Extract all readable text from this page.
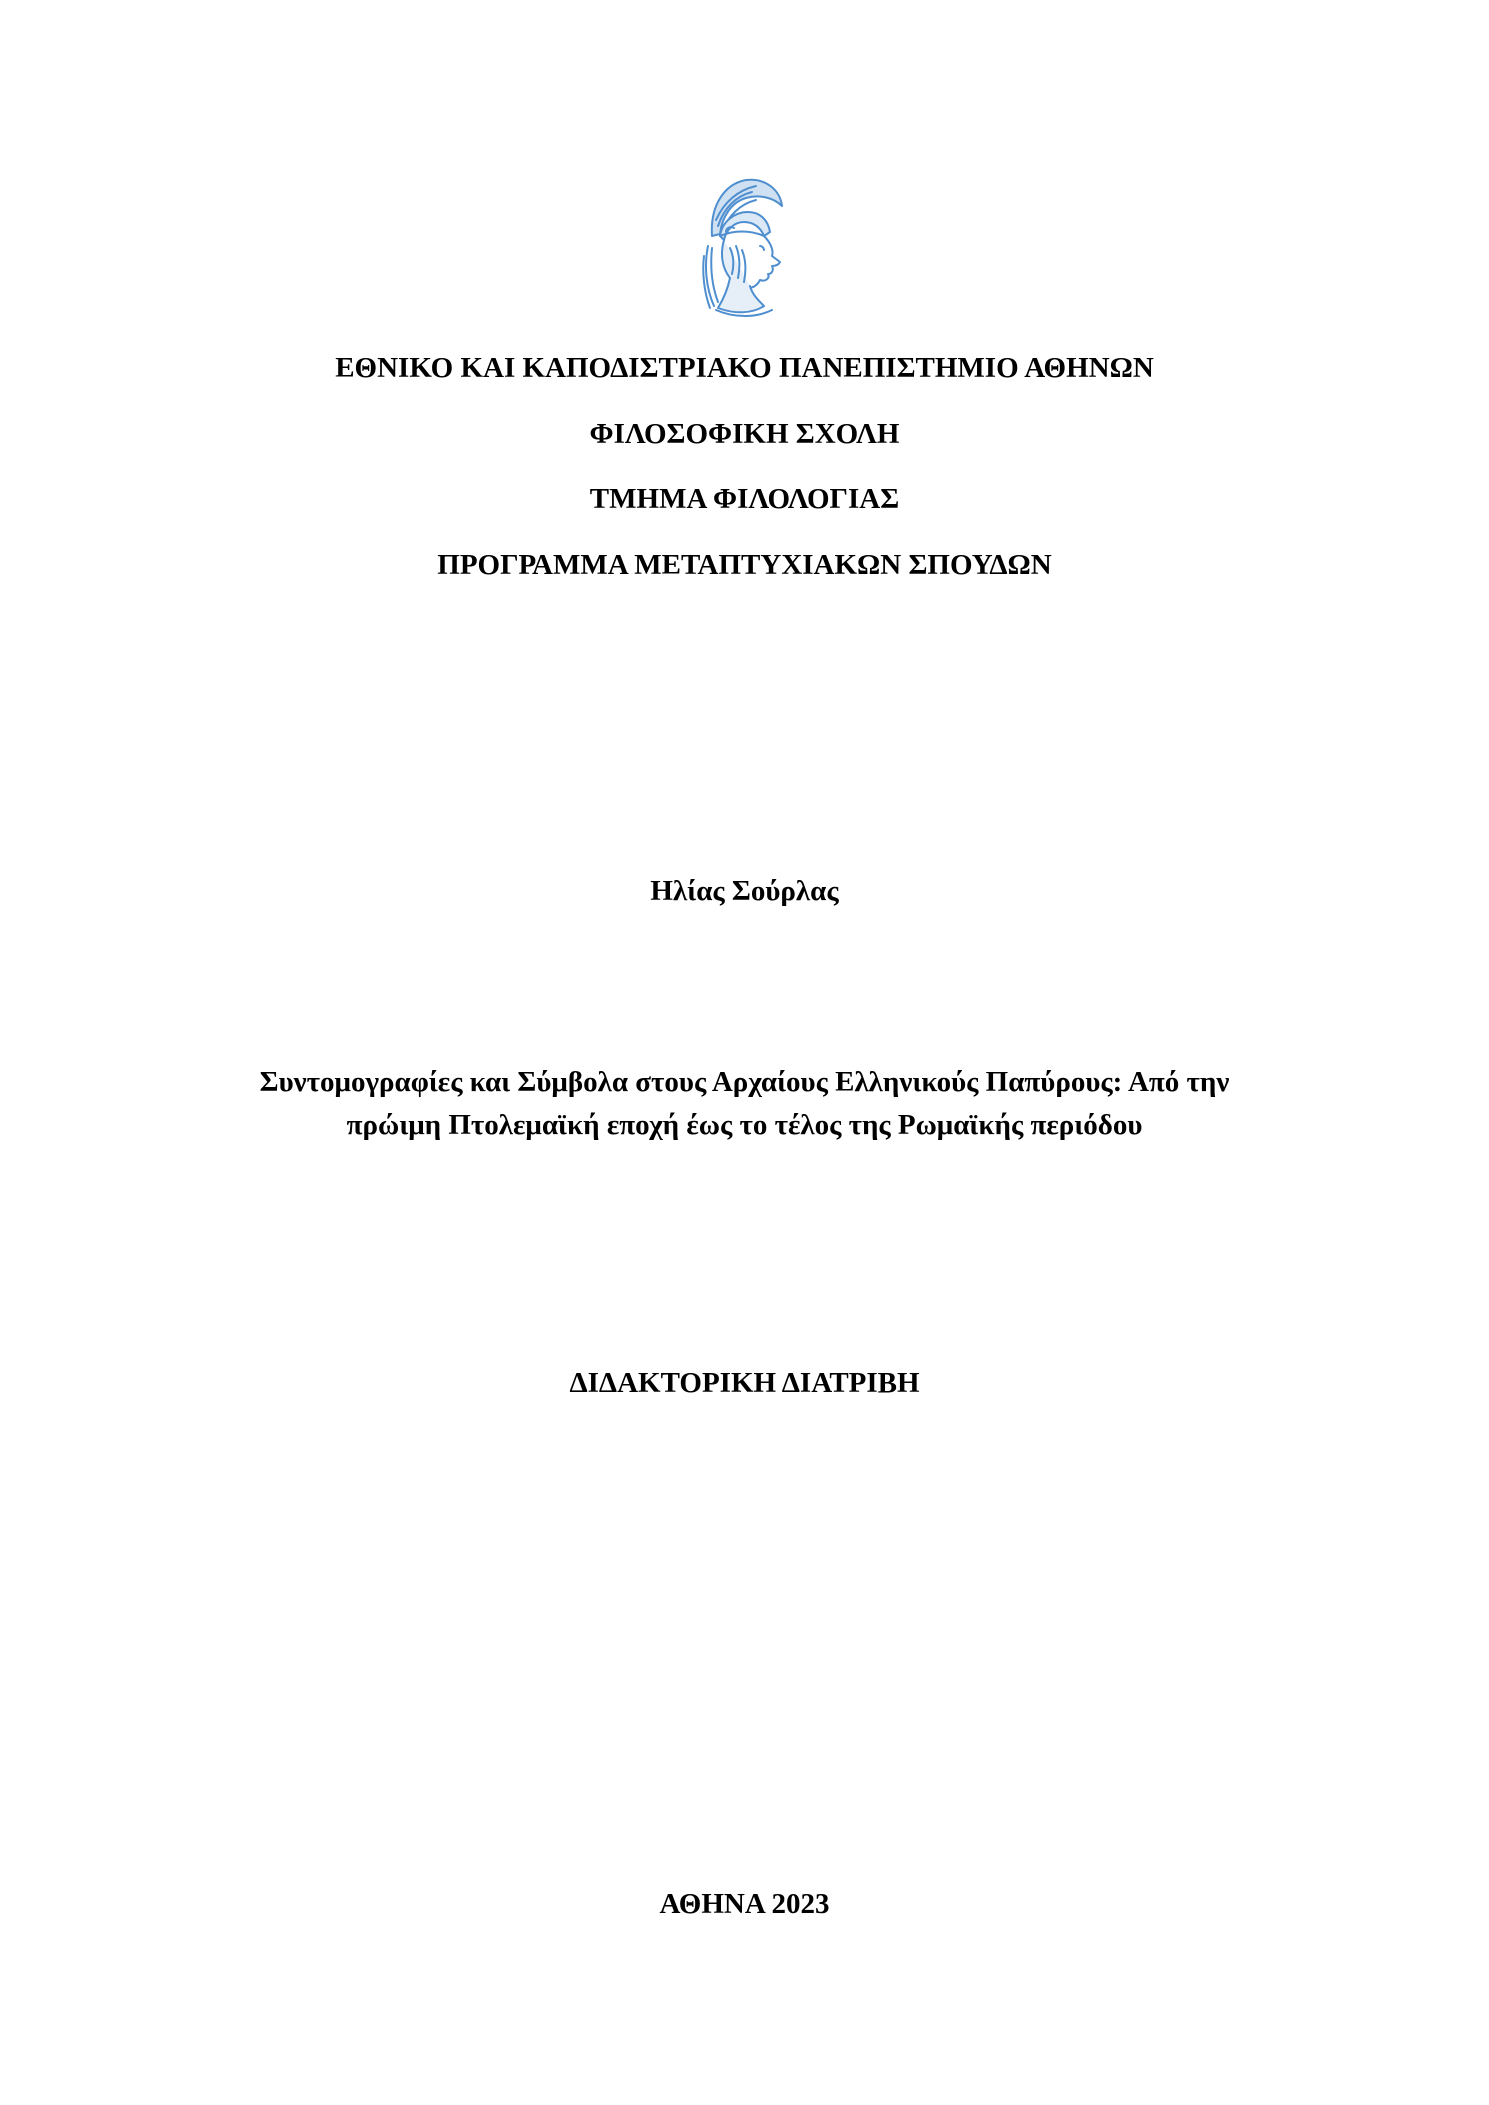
ΕΘΝΙΚΟ ΚΑΙ ΚΑΠΟΔΙΣΤΡΙΑΚΟ ΠΑΝΕΠΙΣΤΗΜΙΟ ΑΘΗΝΩΝ
ΦΙΛΟΣΟΦΙΚΗ ΣΧΟΛΗ
ΤΜΗΜΑ ΦΙΛΟΛΟΓΙΑΣ
ΠΡΟΓΡΑΜΜΑ ΜΕΤΑΠΤΥΧΙΑΚΩΝ ΣΠΟΥΔΩΝ
Ηλίας Σούρλας
Συντομογραφίες και Σύμβολα στους Αρχαίους Ελληνικούς Παπύρους: Από την
πρώιμη Πτολεμαϊκή εποχή έως το τέλος της Ρωμαϊκής περιόδου
ΔΙΔΑΚΤΟΡΙΚΗ ΔΙΑΤΡΙΒΗ
ΑΘΗΝΑ 2023
